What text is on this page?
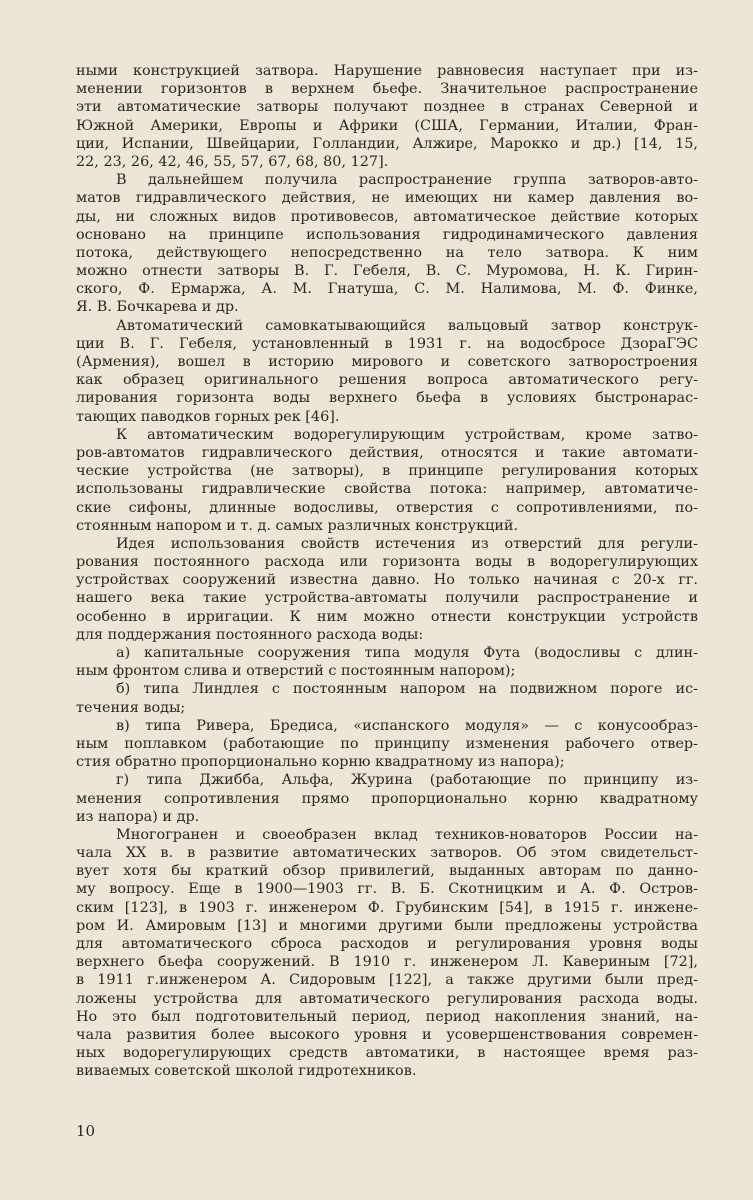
ными конструкцией затвора. Нарушение равновесия наступает при из-
менении горизонтов в верхнем бьефе. Значительное распространение
эти автоматические затворы получают позднее в странах Северной и
Южной Америки, Европы и Африки (США, Германии, Италии, Фран-
ции, Испании, Швейцарии, Голландии, Алжире, Марокко и др.) [14, 15,
22, 23, 26, 42, 46, 55, 57, 67, 68, 80, 127].
В дальнейшем получила распространение группа затворов-авто-
матов гидравлического действия, не имеющих ни камер давления во-
ды, ни сложных видов противовесов, автоматическое действие которых
основано на принципе использования гидродинамического давления
потока, действующего непосредственно на тело затвора. К ним
можно отнести затворы В. Г. Гебеля, В. С. Муромова, Н. К. Гирин-
ского, Ф. Ермаржа, А. М. Гнатуша, С. М. Налимова, М. Ф. Финке,
Я. В. Бочкарева и др.
Автоматический самовкатывающийся вальцовый затвор конструк-
ции В. Г. Гебеля, установленный в 1931 г. на водосбросе ДзораГЭС
(Армения), вошел в историю мирового и советского затворостроения
как образец оригинального решения вопроса автоматического регу-
лирования горизонта воды верхнего бьефа в условиях быстронарас-
тающих паводков горных рек [46].
К автоматическим водорегулирующим устройствам, кроме затво-
ров-автоматов гидравлического действия, относятся и такие автомати-
ческие устройства (не затворы), в принципе регулирования которых
использованы гидравлические свойства потока: например, автоматиче-
ские сифоны, длинные водосливы, отверстия с сопротивлениями, по-
стоянным напором и т. д. самых различных конструкций.
Идея использования свойств истечения из отверстий для регули-
рования постоянного расхода или горизонта воды в водорегулирующих
устройствах сооружений известна давно. Но только начиная с 20-х гг.
нашего века такие устройства-автоматы получили распространение и
особенно в ирригации. К ним можно отнести конструкции устройств
для поддержания постоянного расхода воды:
а) капитальные сооружения типа модуля Фута (водосливы с длин-
ным фронтом слива и отверстий с постоянным напором);
б) типа Линдлея с постоянным напором на подвижном пороге ис-
течения воды;
в) типа Ривера, Бредиса, «испанского модуля» — с конусообраз-
ным поплавком (работающие по принципу изменения рабочего отвер-
стия обратно пропорционально корню квадратному из напора);
г) типа Джибба, Альфа, Журина (работающие по принципу из-
менения сопротивления прямо пропорционально корню квадратному
из напора) и др.
Многогранен и своеобразен вклад техников-новаторов России на-
чала XX в. в развитие автоматических затворов. Об этом свидетельст-
вует хотя бы краткий обзор привилегий, выданных авторам по данно-
му вопросу. Еще в 1900—1903 гг. В. Б. Скотницким и А. Ф. Остров-
ским [123], в 1903 г. инженером Ф. Грубинским [54], в 1915 г. инжене-
ром И. Амировым [13] и многими другими были предложены устройства
для автоматического сброса расходов и регулирования уровня воды
верхнего бьефа сооружений. В 1910 г. инженером Л. Кавериным [72],
в 1911 г.инженером А. Сидоровым [122], а также другими были пред-
ложены устройства для автоматического регулирования расхода воды.
Но это был подготовительный период, период накопления знаний, на-
чала развития более высокого уровня и усовершенствования современ-
ных водорегулирующих средств автоматики, в настоящее время раз-
виваемых советской школой гидротехников.
10
